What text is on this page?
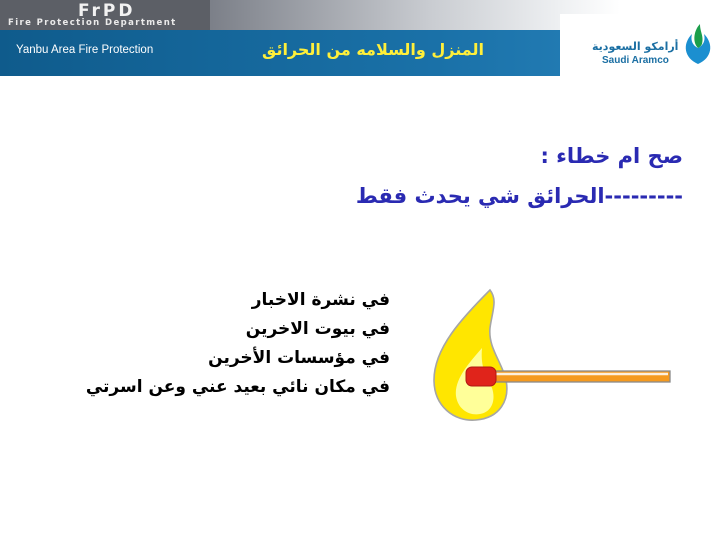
FrPD
Fire Protection Department
Yanbu Area Fire Protection	المنزل والسلامه من الحرائق	أرامكو السعودية
Saudi Aramco
صح ام خطاء :
---------الحرائق شي يحدث فقط
في نشرة الاخبار
في بيوت الاخرين
في مؤسسات الأخرين
في مكان نائي بعيد عني وعن اسرتي
